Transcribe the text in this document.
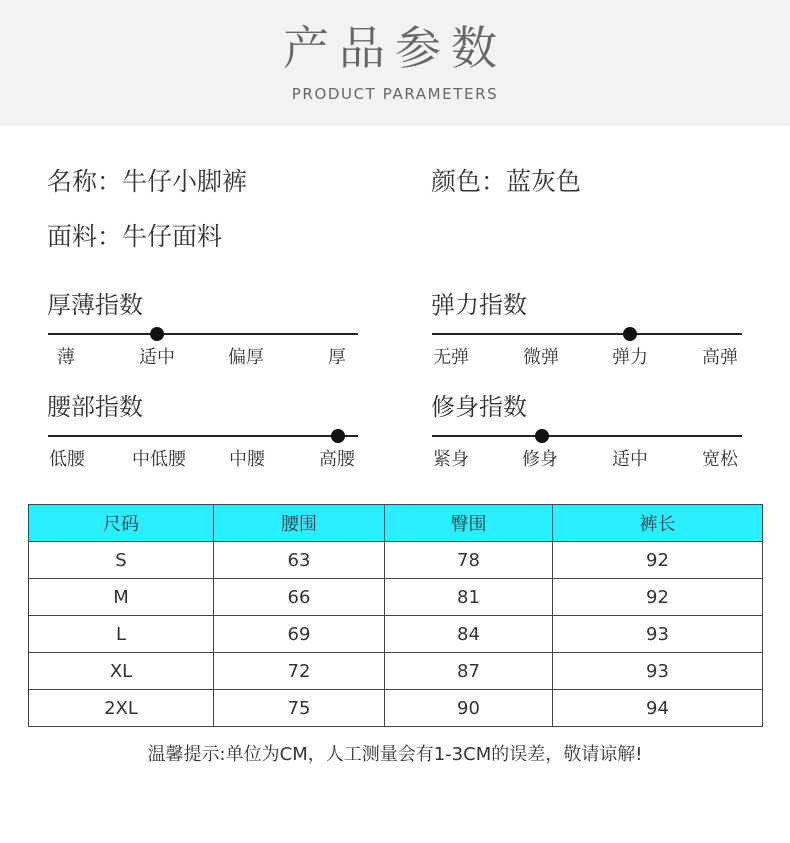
产品参数
PRODUCT PARAMETERS
名称：牛仔小脚裤	颜色：蓝灰色
面料：牛仔面料
厚薄指数
薄	适中	偏厚	厚
弹力指数
无弹	微弹	弹力	高弹
腰部指数
低腰	中低腰 中腰	高腰
修身指数
紧身	修身	适中	宽松
尺码	腰围	臀围	裤长
S	63	78	92
M	66	81	92
L	69	84	93
XL	72	87	93
2XL	75	90	94
温馨提示:单位为CM，人工测量会有1-3CM的误差，敬请谅解!
